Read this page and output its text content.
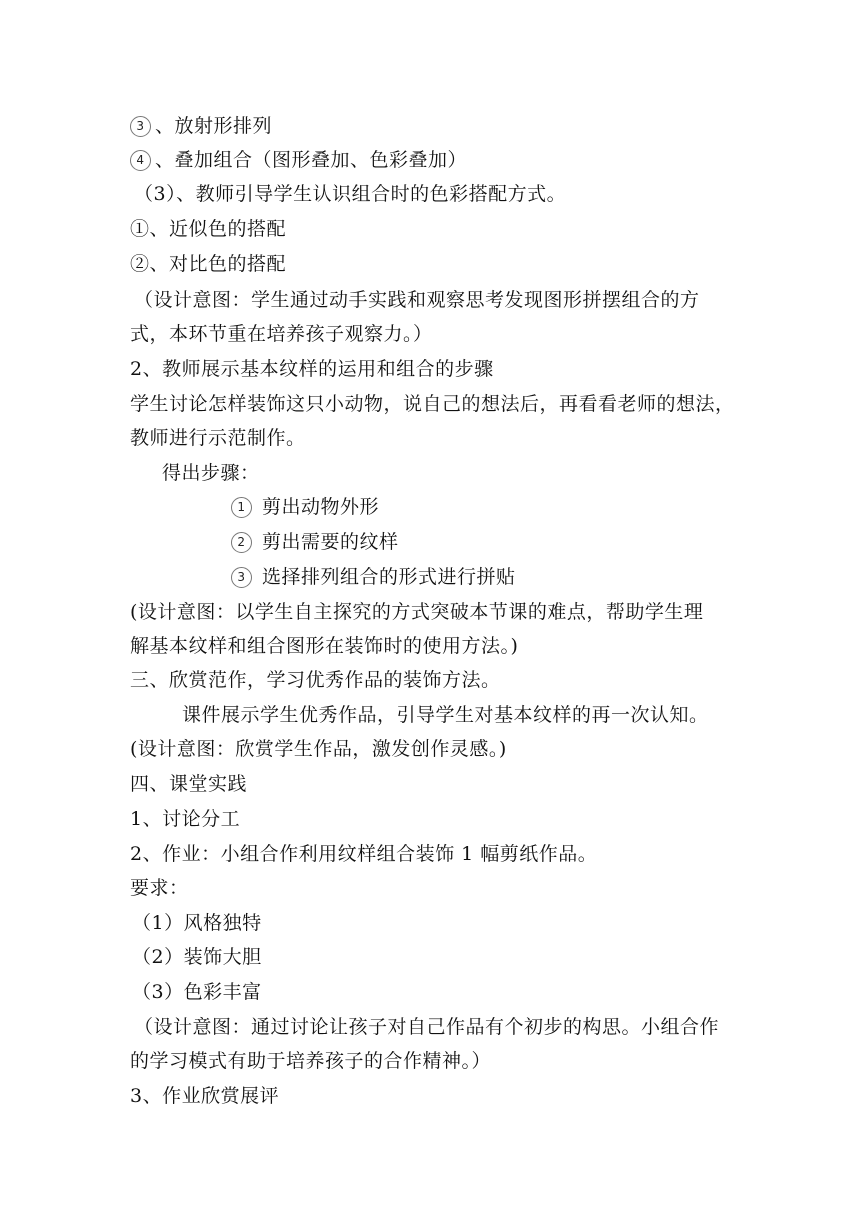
3 、放射形排列
4 、叠加组合（图形叠加、色彩叠加）
（3）、教师引导学生认识组合时的色彩搭配方式。
①、近似色的搭配
②、对比色的搭配
（设计意图：学生通过动手实践和观察思考发现图形拼摆组合的方
式，本环节重在培养孩子观察力。）
2、教师展示基本纹样的运用和组合的步骤
学生讨论怎样装饰这只小动物，说自己的想法后，再看看老师的想法，
教师进行示范制作。
得出步骤：
1 剪出动物外形
2 剪出需要的纹样
3 选择排列组合的形式进行拼贴
(设计意图：以学生自主探究的方式突破本节课的难点，帮助学生理
解基本纹样和组合图形在装饰时的使用方法。)
三、欣赏范作，学习优秀作品的装饰方法。
课件展示学生优秀作品，引导学生对基本纹样的再一次认知。
(设计意图：欣赏学生作品，激发创作灵感。)
四、课堂实践
1、讨论分工
2、作业：小组合作利用纹样组合装饰 1 幅剪纸作品。
要求：
（1）风格独特
（2）装饰大胆
（3）色彩丰富
（设计意图：通过讨论让孩子对自己作品有个初步的构思。小组合作
的学习模式有助于培养孩子的合作精神。）
3、作业欣赏展评
